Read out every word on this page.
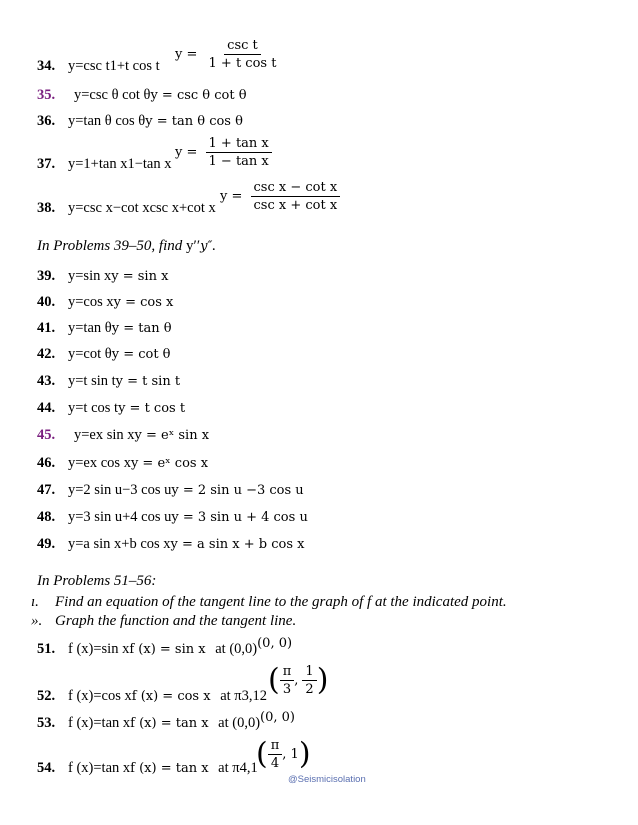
34. y=csc t1+t cos t
y =
csc t
1 + t cos t
35. y=csc θ cot θy = csc θ cot θ
36. y=tan θ cos θy = tan θ cos θ
37. y=1+tan x1−tan x
$y = \frac{\text{1 + tan x}}{\text{1 − tan x}}$
38. y=csc x−cot xcsc x+cot x
y =
csc x − cot x
csc x + cot x
In Problems 39–50, find y′′y″.
39. y=sin xy = sin x
40. y=cos xy = cos x
41. y=tan θy = tan θ
42. y=cot θy = cot θ
43. y=t sin ty = t sin t
44. y=t cos ty = t cos t
45. y=ex sin xy = eˣ sin x
46. y=ex cos xy = eˣ cos x
47. y=2 sin u−3 cos uy = 2 sin u −3 cos u
48. y=3 sin u+4 cos uy = 3 sin u + 4 cos u
49. y=a sin x+b cos xy = a sin x + b cos x
In Problems 51–56:
ı. Find an equation of the tangent line to the graph of f at the indicated point.
». Graph the function and the tangent line.
51. f (x)=sin xf (x) = sin x at (0,0)(0, 0)
52. f (x)=cos xf (x) = cos x at π3,12 ( $\frac{\pi}{3}$ , $\frac{1}{2}$ )
53. f (x)=tan xf (x) = tan x at (0,0)(0, 0)
54. f (x)=tan xf (x) = tan x at π4,1
( $\frac{\pi}{4}$ , 1)
@Seismicisolation
